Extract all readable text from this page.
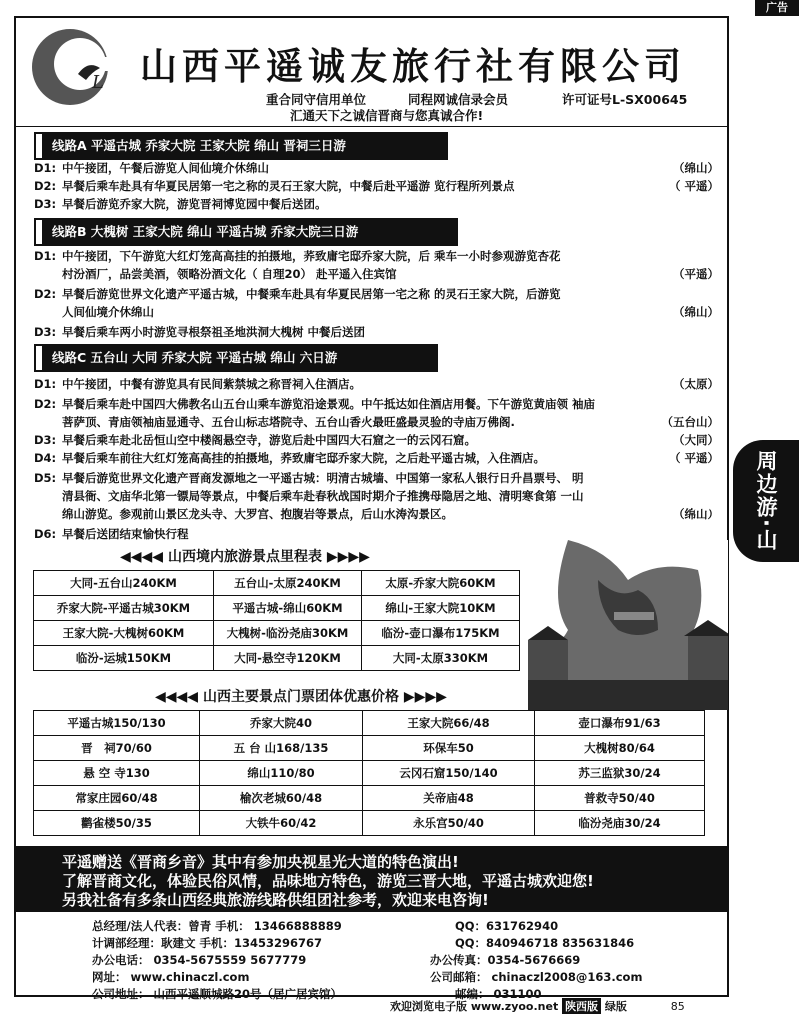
广告
L 山西平遥诚友旅行社有限公司
重合同守信用单位	同程网诚信录会员	许可证号L-SX00645
汇通天下之诚信晋商与您真诚合作!
线路A 平遥古城 乔家大院 王家大院 绵山 晋祠三日游
D1: 中午接团，午餐后游览人间仙境介休绵山	（绵山）
D2: 早餐后乘车赴具有华夏民居第一宅之称的灵石王家大院，中餐后赴平遥游 览行程所列景点	（ 平遥）
D3: 早餐后游览乔家大院，游览晋祠博览园中餐后送团。
线路B 大槐树 王家大院 绵山 平遥古城 乔家大院三日游
D1: 中午接团，下午游览大红灯笼高高挂的拍摄地，荞致庸宅邸乔家大院，后 乘车一小时参观游览杏花
村汾酒厂，品尝美酒，领略汾酒文化（ 自理20） 赴平遥入住宾馆	（平遥）
D2: 早餐后游览世界文化遗产平遥古城，中餐乘车赴具有华夏民居第一宅之称 的灵石王家大院，后游览
人间仙境介休绵山	（绵山）
D3: 早餐后乘车两小时游览寻根祭祖圣地洪洞大槐树 中餐后送团
线路C 五台山 大同 乔家大院 平遥古城 绵山 六日游
D1: 中午接团，中餐有游览具有民间紫禁城之称晋祠入住酒店。	（太原）
D2: 早餐后乘车赴中国四大佛教名山五台山乘车游览沿途景观。中午抵达如住酒店用餐。下午游览黄庙领 袖庙
菩萨顶、青庙领袖庙显通寺、五台山标志塔院寺、五台山香火最旺盛最灵验的寺庙万佛阁.	（五台山）
D3: 早餐后乘车赴北岳恒山空中楼阁悬空寺，游览后赴中国四大石窟之一的云冈石窟。	（大同）
D4: 早餐后乘车前往大红灯笼高高挂的拍摄地，荞致庸宅邸乔家大院，之后赴平遥古城，入住酒店。	（ 平遥）
D5: 早餐后游览世界文化遗产晋商发源地之一平遥古城：明清古城墙、中国第一家私人银行日升昌票号、 明
清县衙、文庙华北第一镖局等景点，中餐后乘车赴春秋战国时期介子推携母隐居之地、清明寒食第 一山
绵山游览。参观前山景区龙头寺、大罗宫、抱腹岩等景点，后山水涛沟景区。	（绵山）
D6: 早餐后送团结束愉快行程	周边游·山西
◀◀◀◀ 山西境内旅游景点里程表 ▶▶▶▶
大同-五台山240KM	五台山-太原240KM	太原-乔家大院60KM
乔家大院-平遥古城30KM	平遥古城-绵山60KM	绵山-王家大院10KM
王家大院-大槐树60KM	大槐树-临汾尧庙30KM	临汾-壶口瀑布175KM
临汾-运城150KM	大同-悬空寺120KM	大同-太原330KM
◀◀◀◀ 山西主要景点门票团体优惠价格 ▶▶▶▶
平遥古城150/130	乔家大院40	王家大院66/48	壶口瀑布91/63
晋　祠70/60	五 台 山168/135	环保车50	大槐树80/64
悬 空 寺130	绵山110/80	云冈石窟150/140	苏三监狱30/24
常家庄园60/48	榆次老城60/48	关帝庙48	普救寺50/40
鹳雀楼50/35	大铁牛60/42	永乐宫50/40	临汾尧庙30/24
平遥赠送《晋商乡音》其中有参加央视星光大道的特色演出!
了解晋商文化，体验民俗风情，品味地方特色，游览三晋大地，平遥古城欢迎您!
另我社备有多条山西经典旅游线路供组团社参考，欢迎来电咨询!
总经理/法人代表：曾青 手机： 13466888889
计调部经理：耿建文 手机：13453296767
办公电话： 0354-5675559 5677779
网址： www.chinaczl.com
公司地址： 山西平遥顺城路20号（居广居宾馆）
QQ：631762940
QQ：840946718 835631846
办公传真：0354-5676669
公司邮箱： chinaczl2008@163.com
邮编： 031100
欢迎浏览电子版 www.zyoo.net 陕西版 绿版	85
